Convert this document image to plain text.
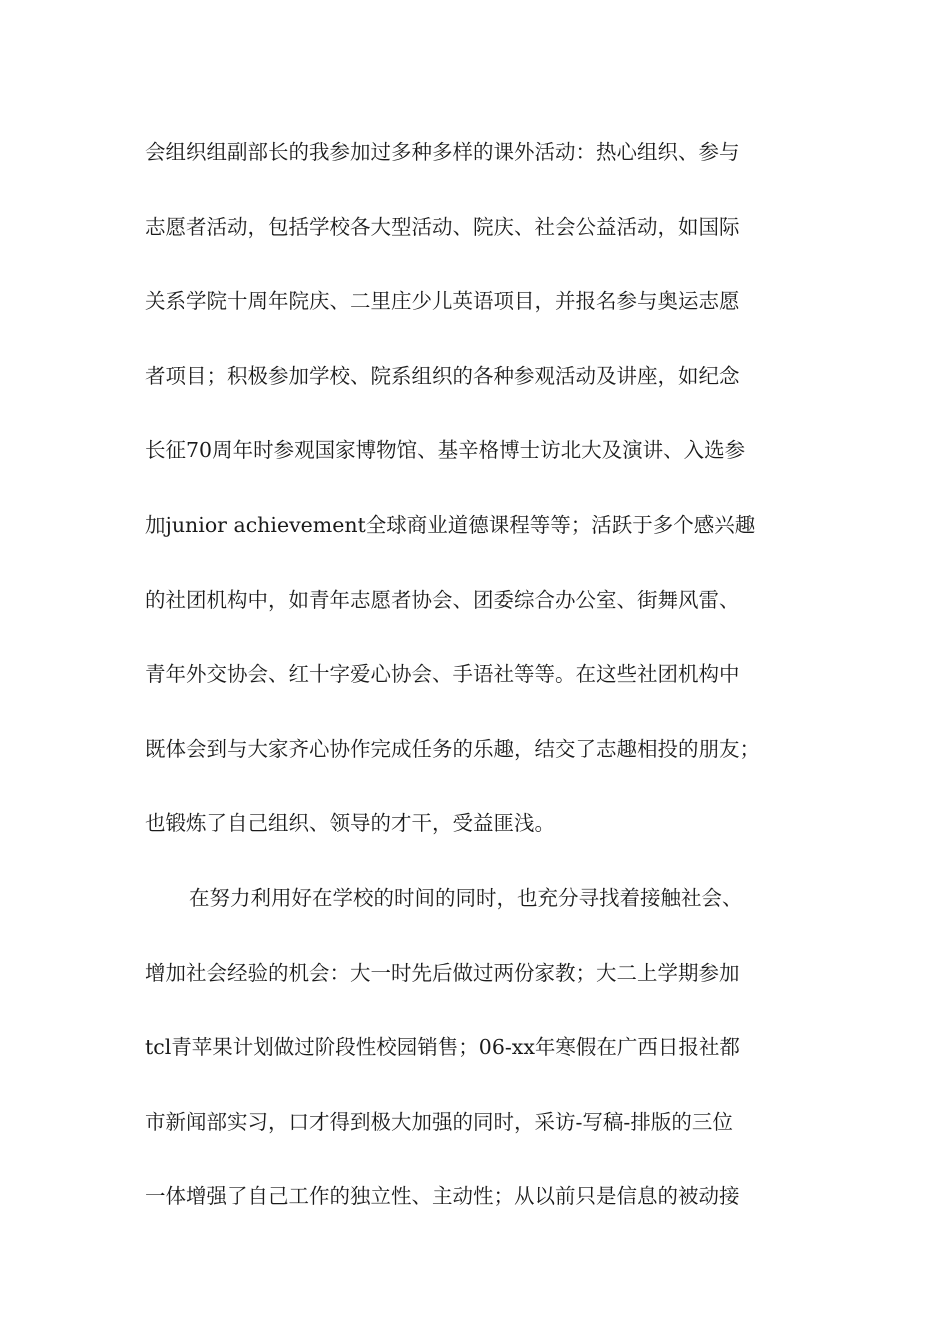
会组织组副部长的我参加过多种多样的课外活动：热心组织、参与
志愿者活动，包括学校各大型活动、院庆、社会公益活动，如国际
关系学院十周年院庆、二里庄少儿英语项目，并报名参与奥运志愿
者项目；积极参加学校、院系组织的各种参观活动及讲座，如纪念
长征70周年时参观国家博物馆、基辛格博士访北大及演讲、入选参
加junior achievement全球商业道德课程等等；活跃于多个感兴趣
的社团机构中，如青年志愿者协会、团委综合办公室、街舞风雷、
青年外交协会、红十字爱心协会、手语社等等。在这些社团机构中
既体会到与大家齐心协作完成任务的乐趣，结交了志趣相投的朋友；
也锻炼了自己组织、领导的才干，受益匪浅。
在努力利用好在学校的时间的同时，也充分寻找着接触社会、
增加社会经验的机会：大一时先后做过两份家教；大二上学期参加
tcl青苹果计划做过阶段性校园销售；06-xx年寒假在广西日报社都
市新闻部实习，口才得到极大加强的同时，采访-写稿-排版的三位
一体增强了自己工作的独立性、主动性；从以前只是信息的被动接
